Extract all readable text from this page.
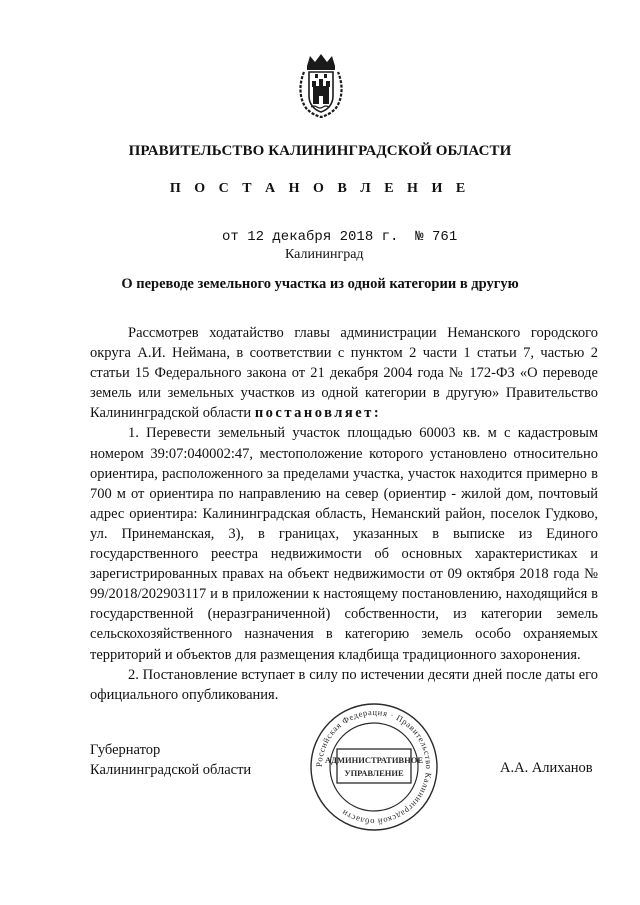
ПРАВИТЕЛЬСТВО КАЛИНИНГРАДСКОЙ ОБЛАСТИ
П О С Т А Н О В Л Е Н И Е
от 12 декабря 2018 г.  № 761
Калининград
О переводе земельного участка из одной категории в другую

Рассмотрев ходатайство главы администрации Неманского городского округа А.И. Неймана, в соответствии с пунктом 2 части 1 статьи 7, частью 2 статьи 15 Федерального закона от 21 декабря 2004 года № 172-ФЗ «О переводе земель или земельных участков из одной категории в другую» Правительство Калининградской области постановляет:

1. Перевести земельный участок площадью 60003 кв. м с кадастровым номером 39:07:040002:47, местоположение которого установлено относительно ориентира, расположенного за пределами участка, участок находится примерно в 700 м от ориентира по направлению на север (ориентир - жилой дом, почтовый адрес ориентира: Калининградская область, Неманский район, поселок Гудково, ул. Принеманская, 3), в границах, указанных в выписке из Единого государственного реестра недвижимости об основных характеристиках и зарегистрированных правах на объект недвижимости от 09 октября 2018 года № 99/2018/202903117 и в приложении к настоящему постановлению, находящийся в государственной (неразграниченной) собственности, из категории земель сельскохозяйственного назначения в категорию земель особо охраняемых территорий и объектов для размещения кладбища традиционного захоронения.

2. Постановление вступает в силу по истечении десяти дней после даты его официального опубликования.

Губернатор
Калининградской области	А.А. Алиханов
Российская Федерация · Правительство Калининградской области
АДМИНИСТРАТИВНОЕ
УПРАВЛЕНИЕ
